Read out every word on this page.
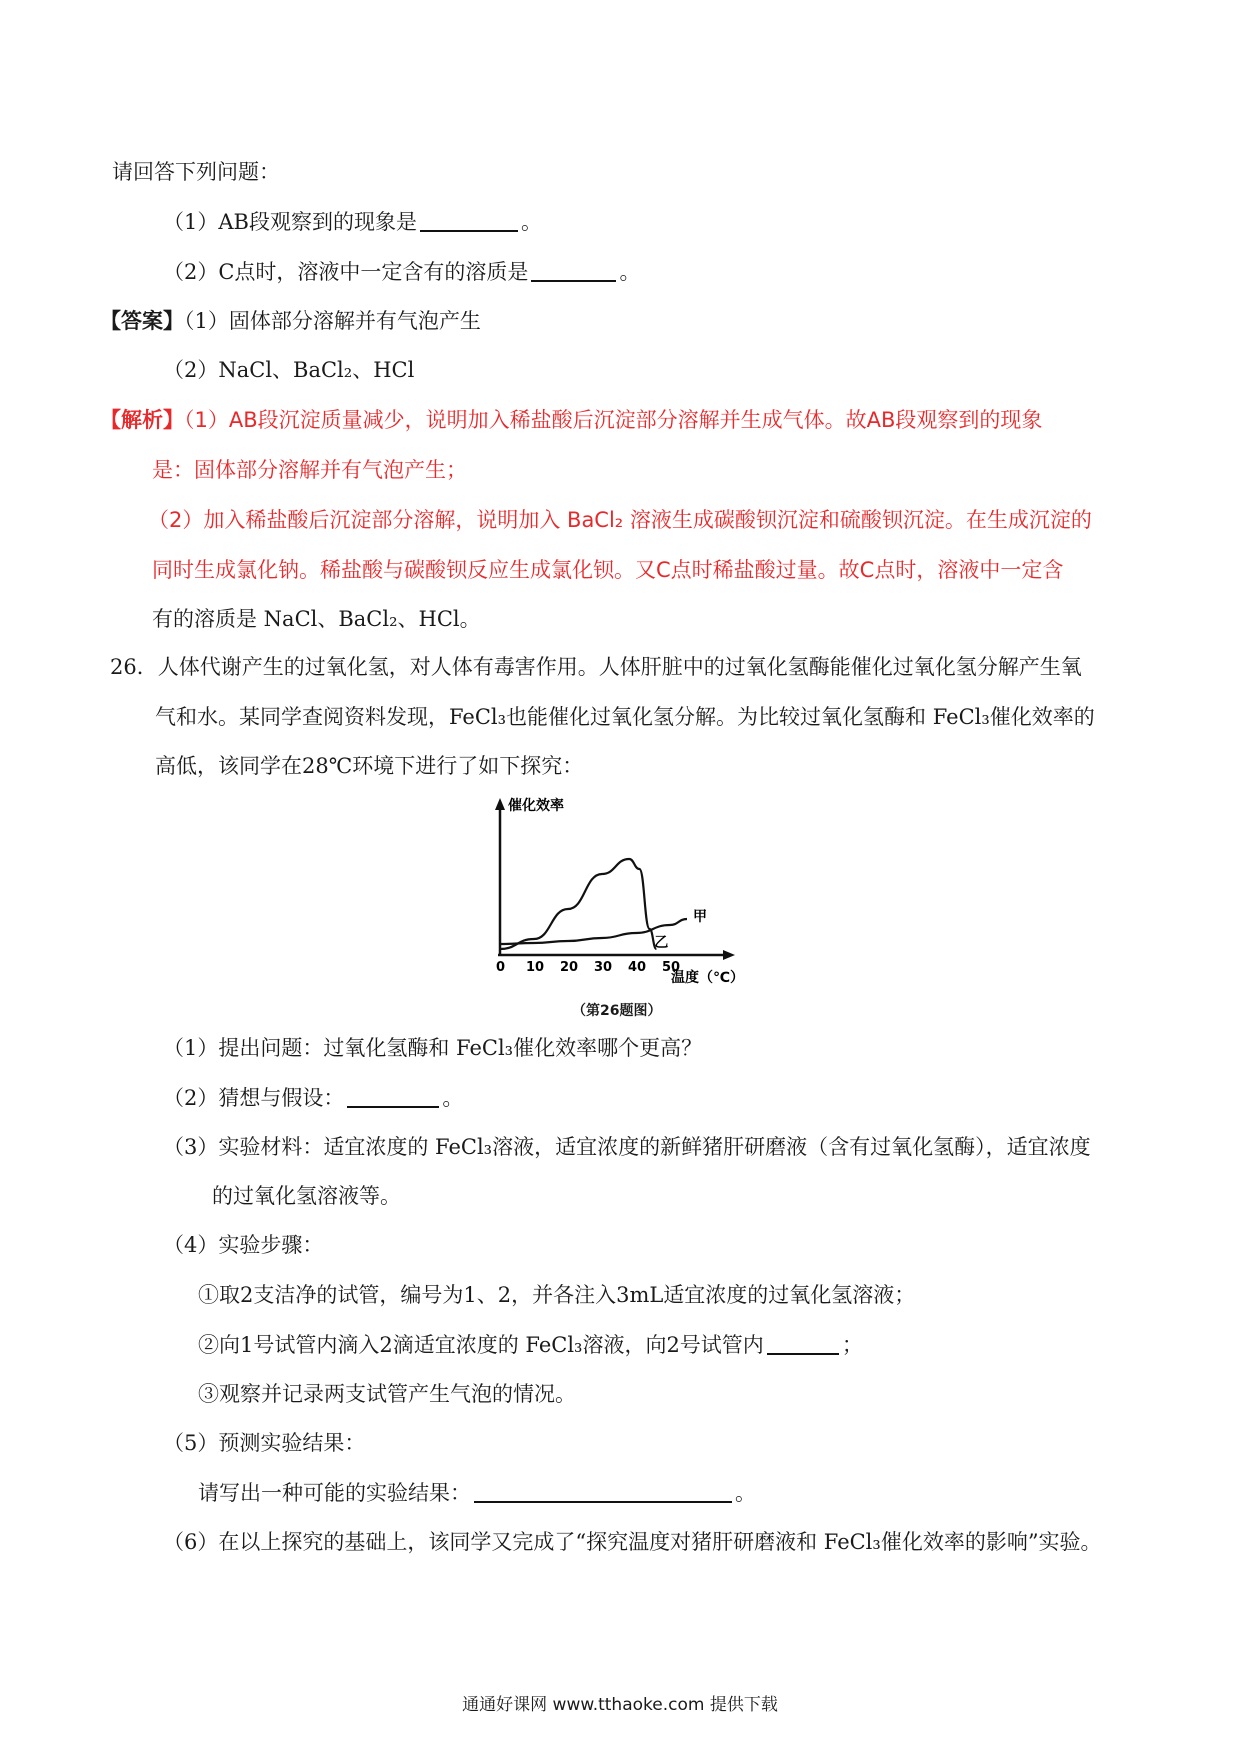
请回答下列问题：
（1）AB段观察到的现象是	。
（2）C点时，溶液中一定含有的溶质是	。
【答案】（1）固体部分溶解并有气泡产生
（2）NaCl、BaCl₂、HCl
【解析】（1）AB段沉淀质量减少，说明加入稀盐酸后沉淀部分溶解并生成气体。故AB段观察到的现象
是：固体部分溶解并有气泡产生；
（2）加入稀盐酸后沉淀部分溶解，说明加入 BaCl₂ 溶液生成碳酸钡沉淀和硫酸钡沉淀。在生成沉淀的
同时生成氯化钠。稀盐酸与碳酸钡反应生成氯化钡。又C点时稀盐酸过量。故C点时，溶液中一定含
有的溶质是 NaCl、BaCl₂、HCl。
26．人体代谢产生的过氧化氢，对人体有毒害作用。人体肝脏中的过氧化氢酶能催化过氧化氢分解产生氧
气和水。某同学查阅资料发现，FeCl₃也能催化过氧化氢分解。为比较过氧化氢酶和 FeCl₃催化效率的
高低，该同学在28℃环境下进行了如下探究：
催化效率
温度（℃）
0 10 20 30 40 50
甲
乙
（第26题图）
（1）提出问题：过氧化氢酶和 FeCl₃催化效率哪个更高？
（2）猜想与假设：	。
（3）实验材料：适宜浓度的 FeCl₃溶液，适宜浓度的新鲜猪肝研磨液（含有过氧化氢酶），适宜浓度
的过氧化氢溶液等。
（4）实验步骤：
①取2支洁净的试管，编号为1、2，并各注入3mL适宜浓度的过氧化氢溶液；
②向1号试管内滴入2滴适宜浓度的 FeCl₃溶液，向2号试管内	；
③观察并记录两支试管产生气泡的情况。
（5）预测实验结果：
请写出一种可能的实验结果：	。
（6）在以上探究的基础上，该同学又完成了“探究温度对猪肝研磨液和 FeCl₃催化效率的影响”实验。
通通好课网 www.tthaoke.com 提供下载
